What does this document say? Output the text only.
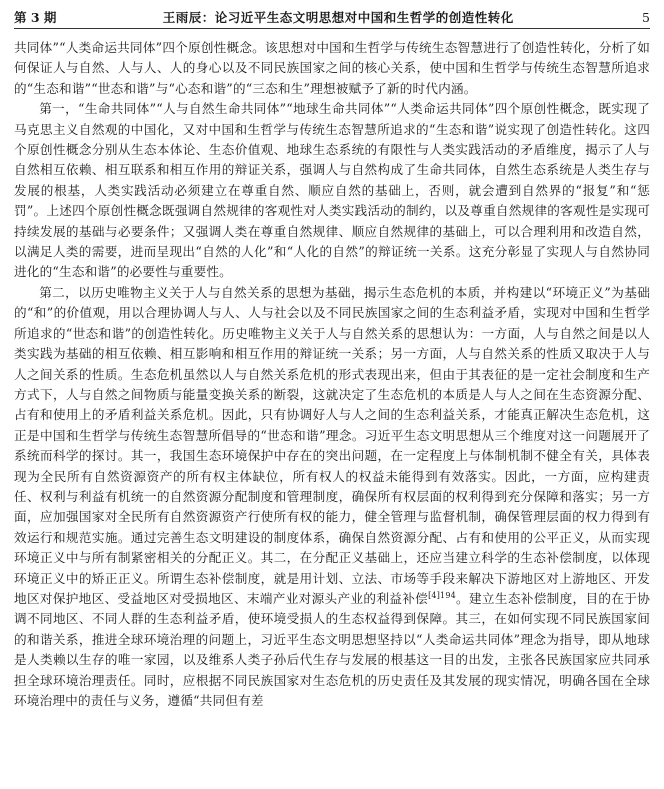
第 3 期	王雨辰：论习近平生态文明思想对中国和生哲学的创造性转化	5

共同体”“人类命运共同体”四个原创性概念。该思想对中国和生哲学与传统生态智慧进行了创造性转化，分析了如何保证人与自然、人与人、人的身心以及不同民族国家之间的核心关系，使中国和生哲学与传统生态智慧所追求的“生态和谐”“世态和谐”与“心态和谐”的“三态和生”理想被赋予了新的时代内涵。

第一，“生命共同体”“人与自然生命共同体”“地球生命共同体”“人类命运共同体”四个原创性概念，既实现了马克思主义自然观的中国化，又对中国和生哲学与传统生态智慧所追求的“生态和谐”说实现了创造性转化。这四个原创性概念分别从生态本体论、生态价值观、地球生态系统的有限性与人类实践活动的矛盾维度，揭示了人与自然相互依赖、相互联系和相互作用的辩证关系，强调人与自然构成了生命共同体，自然生态系统是人类生存与发展的根基，人类实践活动必须建立在尊重自然、顺应自然的基础上，否则，就会遭到自然界的“报复”和“惩罚”。上述四个原创性概念既强调自然规律的客观性对人类实践活动的制约，以及尊重自然规律的客观性是实现可持续发展的基础与必要条件；又强调人类在尊重自然规律、顺应自然规律的基础上，可以合理利用和改造自然，以满足人类的需要，进而呈现出“自然的人化”和“人化的自然”的辩证统一关系。这充分彰显了实现人与自然协同进化的“生态和谐”的必要性与重要性。

第二，以历史唯物主义关于人与自然关系的思想为基础，揭示生态危机的本质，并构建以“环境正义”为基础的“和”的价值观，用以合理协调人与人、人与社会以及不同民族国家之间的生态利益矛盾，实现对中国和生哲学所追求的“世态和谐”的创造性转化。历史唯物主义关于人与自然关系的思想认为：一方面，人与自然之间是以人类实践为基础的相互依赖、相互影响和相互作用的辩证统一关系；另一方面，人与自然关系的性质又取决于人与人之间关系的性质。生态危机虽然以人与自然关系危机的形式表现出来，但由于其表征的是一定社会制度和生产方式下，人与自然之间物质与能量变换关系的断裂，这就决定了生态危机的本质是人与人之间在生态资源分配、占有和使用上的矛盾利益关系危机。因此，只有协调好人与人之间的生态利益关系，才能真正解决生态危机，这正是中国和生哲学与传统生态智慧所倡导的“世态和谐”理念。习近平生态文明思想从三个维度对这一问题展开了系统而科学的探讨。其一，我国生态环境保护中存在的突出问题，在一定程度上与体制机制不健全有关，具体表现为全民所有自然资源资产的所有权主体缺位，所有权人的权益未能得到有效落实。因此，一方面，应构建责任、权利与利益有机统一的自然资源分配制度和管理制度，确保所有权层面的权利得到充分保障和落实；另一方面，应加强国家对全民所有自然资源资产行使所有权的能力，健全管理与监督机制，确保管理层面的权力得到有效运行和规范实施。通过完善生态文明建设的制度体系，确保自然资源分配、占有和使用的公平正义，从而实现环境正义中与所有制紧密相关的分配正义。其二，在分配正义基础上，还应当建立科学的生态补偿制度，以体现环境正义中的矫正正义。所谓生态补偿制度，就是用计划、立法、市场等手段来解决下游地区对上游地区、开发地区对保护地区、受益地区对受损地区、末端产业对源头产业的利益补偿$^{[4]194}$。建立生态补偿制度，目的在于协调不同地区、不同人群的生态利益矛盾，使环境受损人的生态权益得到保障。其三，在如何实现不同民族国家间的和谐关系，推进全球环境治理的问题上，习近平生态文明思想坚持以“人类命运共同体”理念为指导，即从地球是人类赖以生存的唯一家园，以及维系人类子孙后代生存与发展的根基这一目的出发，主张各民族国家应共同承担全球环境治理责任。同时，应根据不同民族国家对生态危机的历史责任及其发展的现实情况，明确各国在全球环境治理中的责任与义务，遵循“共同但有差
